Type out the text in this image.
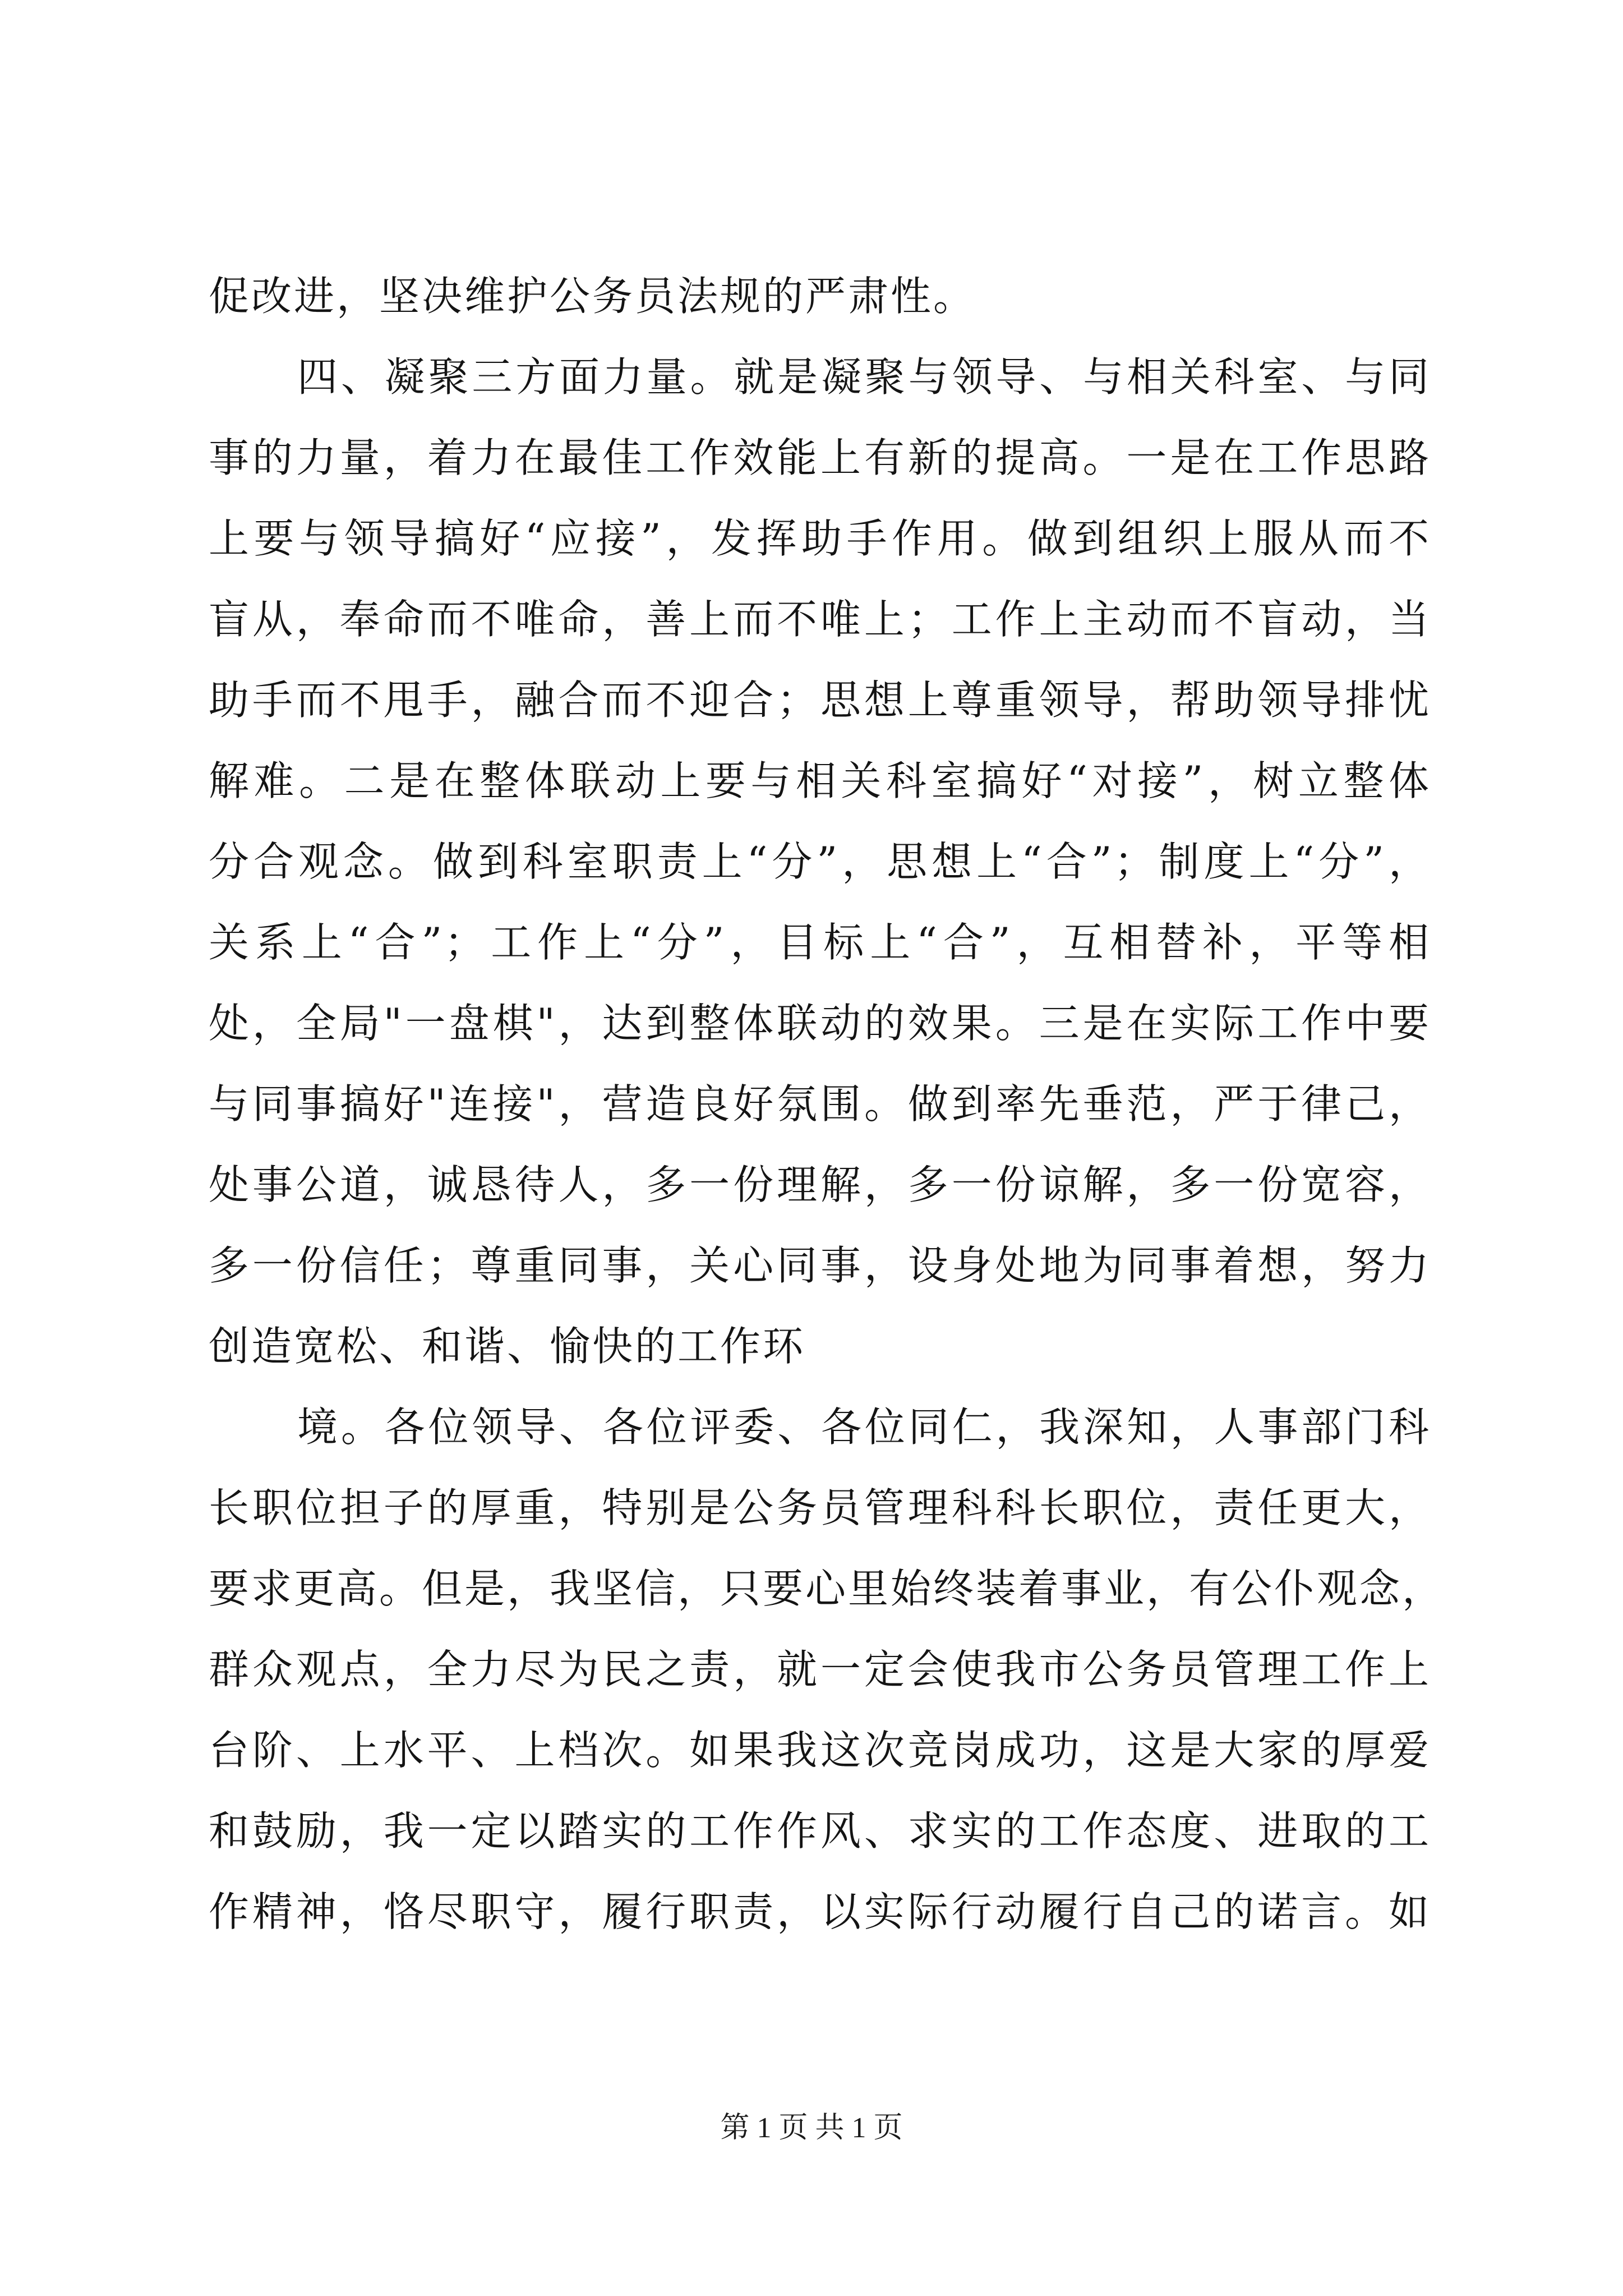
促改进，坚决维护公务员法规的严肃性。
四、凝聚三方面力量。就是凝聚与领导、与相关科室、与同
事的力量，着力在最佳工作效能上有新的提高。一是在工作思路
上要与领导搞好“应接”，发挥助手作用。做到组织上服从而不
盲从，奉命而不唯命，善上而不唯上；工作上主动而不盲动，当
助手而不甩手，融合而不迎合；思想上尊重领导，帮助领导排忧
解难。二是在整体联动上要与相关科室搞好“对接”，树立整体
分合观念。做到科室职责上“分”，思想上“合”；制度上“分”，
关系上“合”；工作上“分”，目标上“合”，互相替补，平等相
处，全局"一盘棋"，达到整体联动的效果。三是在实际工作中要
与同事搞好"连接"，营造良好氛围。做到率先垂范，严于律己，
处事公道，诚恳待人，多一份理解，多一份谅解，多一份宽容，
多一份信任；尊重同事，关心同事，设身处地为同事着想，努力
创造宽松、和谐、愉快的工作环
境。各位领导、各位评委、各位同仁，我深知，人事部门科
长职位担子的厚重，特别是公务员管理科科长职位，责任更大，
要求更高。但是，我坚信，只要心里始终装着事业，有公仆观念，
群众观点，全力尽为民之责，就一定会使我市公务员管理工作上
台阶、上水平、上档次。如果我这次竞岗成功，这是大家的厚爱
和鼓励，我一定以踏实的工作作风、求实的工作态度、进取的工
作精神，恪尽职守，履行职责，以实际行动履行自己的诺言。如
第 1 页 共 1 页
